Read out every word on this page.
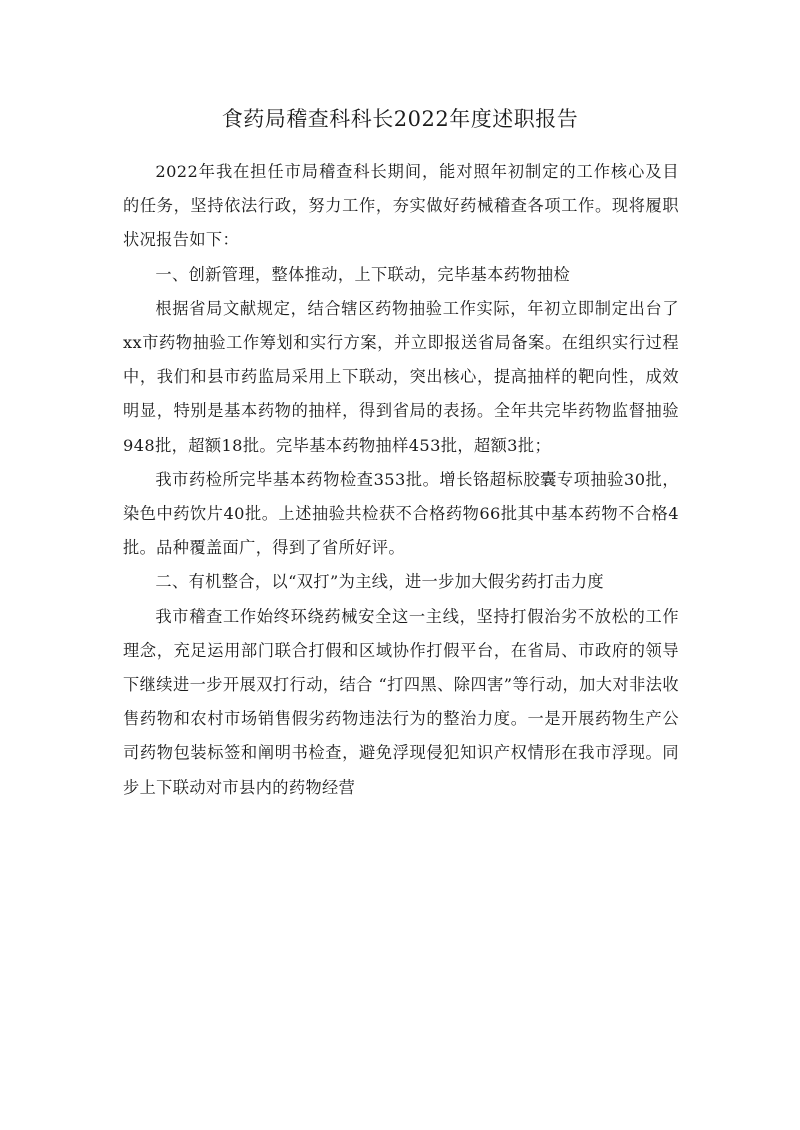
食药局稽查科科长2022年度述职报告

2022年我在担任市局稽查科长期间，能对照年初制定的工作核心及目的任务，坚持依法行政，努力工作，夯实做好药械稽查各项工作。现将履职状况报告如下：

一、创新管理，整体推动，上下联动，完毕基本药物抽检

根据省局文献规定，结合辖区药物抽验工作实际，年初立即制定出台了xx市药物抽验工作筹划和实行方案，并立即报送省局备案。在组织实行过程中，我们和县市药监局采用上下联动，突出核心，提高抽样的靶向性，成效明显，特别是基本药物的抽样，得到省局的表扬。全年共完毕药物监督抽验948批，超额18批。完毕基本药物抽样453批，超额3批；

我市药检所完毕基本药物检查353批。增长铬超标胶囊专项抽验30批，染色中药饮片40批。上述抽验共检获不合格药物66批其中基本药物不合格4批。品种覆盖面广，得到了省所好评。

二、有机整合，以“双打”为主线，进一步加大假劣药打击力度

我市稽查工作始终环绕药械安全这一主线，坚持打假治劣不放松的工作理念，充足运用部门联合打假和区域协作打假平台，在省局、市政府的领导下继续进一步开展双打行动，结合 “打四黑、除四害”等行动，加大对非法收售药物和农村市场销售假劣药物违法行为的整治力度。一是开展药物生产公司药物包装标签和阐明书检查，避免浮现侵犯知识产权情形在我市浮现。同步上下联动对市县内的药物经营
